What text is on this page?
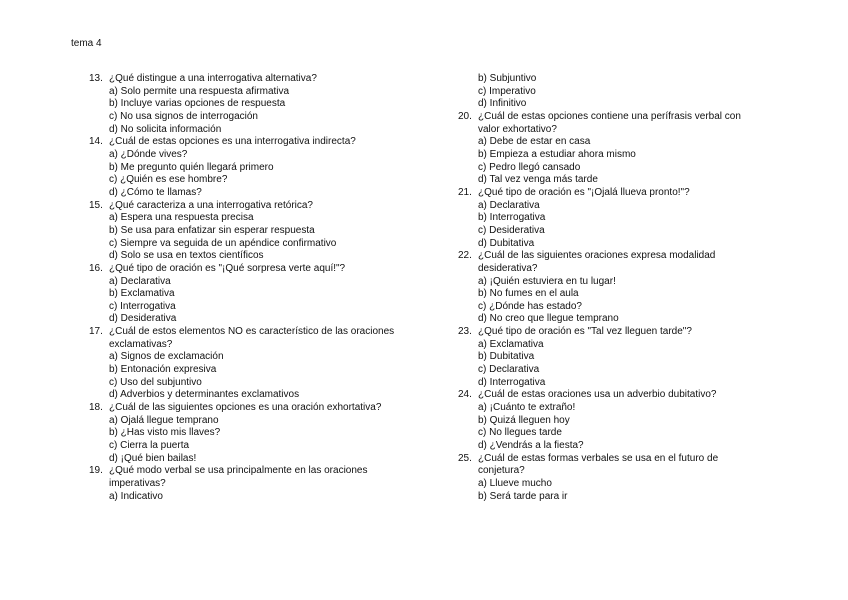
tema 4
13. ¿Qué distingue a una interrogativa alternativa?
a) Solo permite una respuesta afirmativa
b) Incluye varias opciones de respuesta
c) No usa signos de interrogación
d) No solicita información
14. ¿Cuál de estas opciones es una interrogativa indirecta?
a) ¿Dónde vives?
b) Me pregunto quién llegará primero
c) ¿Quién es ese hombre?
d) ¿Cómo te llamas?
15. ¿Qué caracteriza a una interrogativa retórica?
a) Espera una respuesta precisa
b) Se usa para enfatizar sin esperar respuesta
c) Siempre va seguida de un apéndice confirmativo
d) Solo se usa en textos científicos
16. ¿Qué tipo de oración es "¡Qué sorpresa verte aquí!"?
a) Declarativa
b) Exclamativa
c) Interrogativa
d) Desiderativa
17. ¿Cuál de estos elementos NO es característico de las oraciones exclamativas?
a) Signos de exclamación
b) Entonación expresiva
c) Uso del subjuntivo
d) Adverbios y determinantes exclamativos
18. ¿Cuál de las siguientes opciones es una oración exhortativa?
a) Ojalá llegue temprano
b) ¿Has visto mis llaves?
c) Cierra la puerta
d) ¡Qué bien bailas!
19. ¿Qué modo verbal se usa principalmente en las oraciones imperativas?
a) Indicativo
b) Subjuntivo
c) Imperativo
d) Infinitivo
20. ¿Cuál de estas opciones contiene una perífrasis verbal con valor exhortativo?
a) Debe de estar en casa
b) Empieza a estudiar ahora mismo
c) Pedro llegó cansado
d) Tal vez venga más tarde
21. ¿Qué tipo de oración es "¡Ojalá llueva pronto!"?
a) Declarativa
b) Interrogativa
c) Desiderativa
d) Dubitativa
22. ¿Cuál de las siguientes oraciones expresa modalidad desiderativa?
a) ¡Quién estuviera en tu lugar!
b) No fumes en el aula
c) ¿Dónde has estado?
d) No creo que llegue temprano
23. ¿Qué tipo de oración es "Tal vez lleguen tarde"?
a) Exclamativa
b) Dubitativa
c) Declarativa
d) Interrogativa
24. ¿Cuál de estas oraciones usa un adverbio dubitativo?
a) ¡Cuánto te extraño!
b) Quizá lleguen hoy
c) No llegues tarde
d) ¿Vendrás a la fiesta?
25. ¿Cuál de estas formas verbales se usa en el futuro de conjetura?
a) Llueve mucho
b) Será tarde para ir
